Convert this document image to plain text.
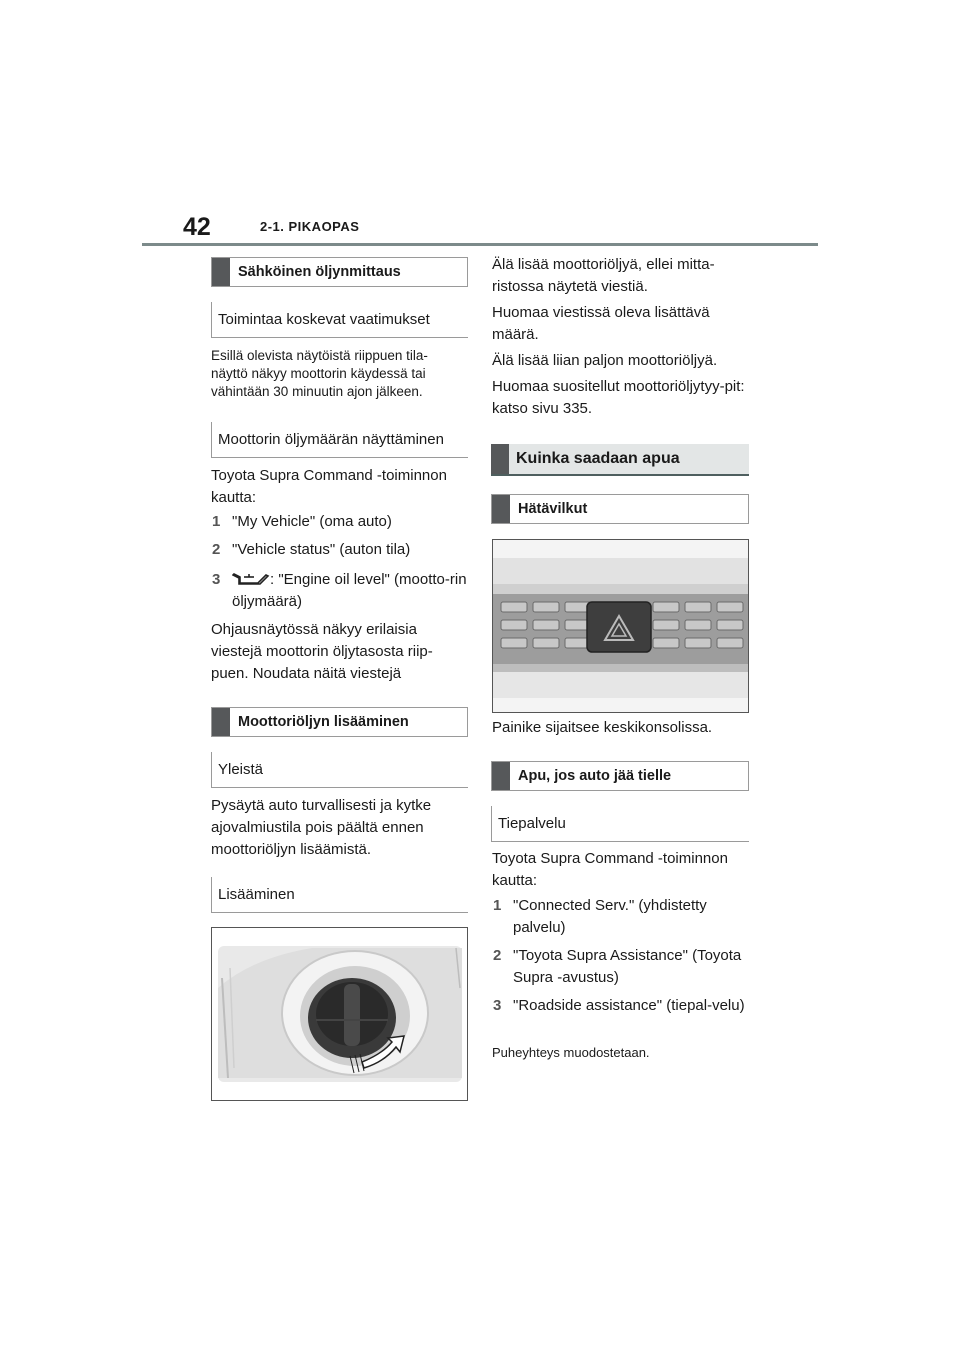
42	2-1. PIKAOPAS
Sähköinen öljynmittaus
Toimintaa koskevat vaatimukset
Esillä olevista näytöistä riippuen tila-näyttö näkyy moottorin käydessä tai vähintään 30 minuutin ajon jälkeen.
Moottorin öljymäärän näyttäminen
Toyota Supra Command -toiminnon kautta:
1 "My Vehicle" (oma auto)
2 "Vehicle status" (auton tila)
3	: "Engine oil level" (mootto-rin öljymäärä)
Ohjausnäytössä näkyy erilaisia viestejä moottorin öljytasosta riip-puen. Noudata näitä viestejä
Moottoriöljyn lisääminen
Yleistä
Pysäytä auto turvallisesti ja kytke ajovalmiustila pois päältä ennen moottoriöljyn lisäämistä.
Lisääminen
Älä lisää moottoriöljyä, ellei mitta-ristossa näytetä viestiä.
Huomaa viestissä oleva lisättävä määrä.
Älä lisää liian paljon moottoriöljyä.
Huomaa suositellut moottoriöljytyy-pit: katso sivu 335.
Kuinka saadaan apua
Hätävilkut
Painike sijaitsee keskikonsolissa.
Apu, jos auto jää tielle
Tiepalvelu
Toyota Supra Command -toiminnon kautta:
1 "Connected Serv." (yhdistetty palvelu)
2 "Toyota Supra Assistance" (Toyota Supra -avustus)
3 "Roadside assistance" (tiepal-velu)
Puheyhteys muodostetaan.
